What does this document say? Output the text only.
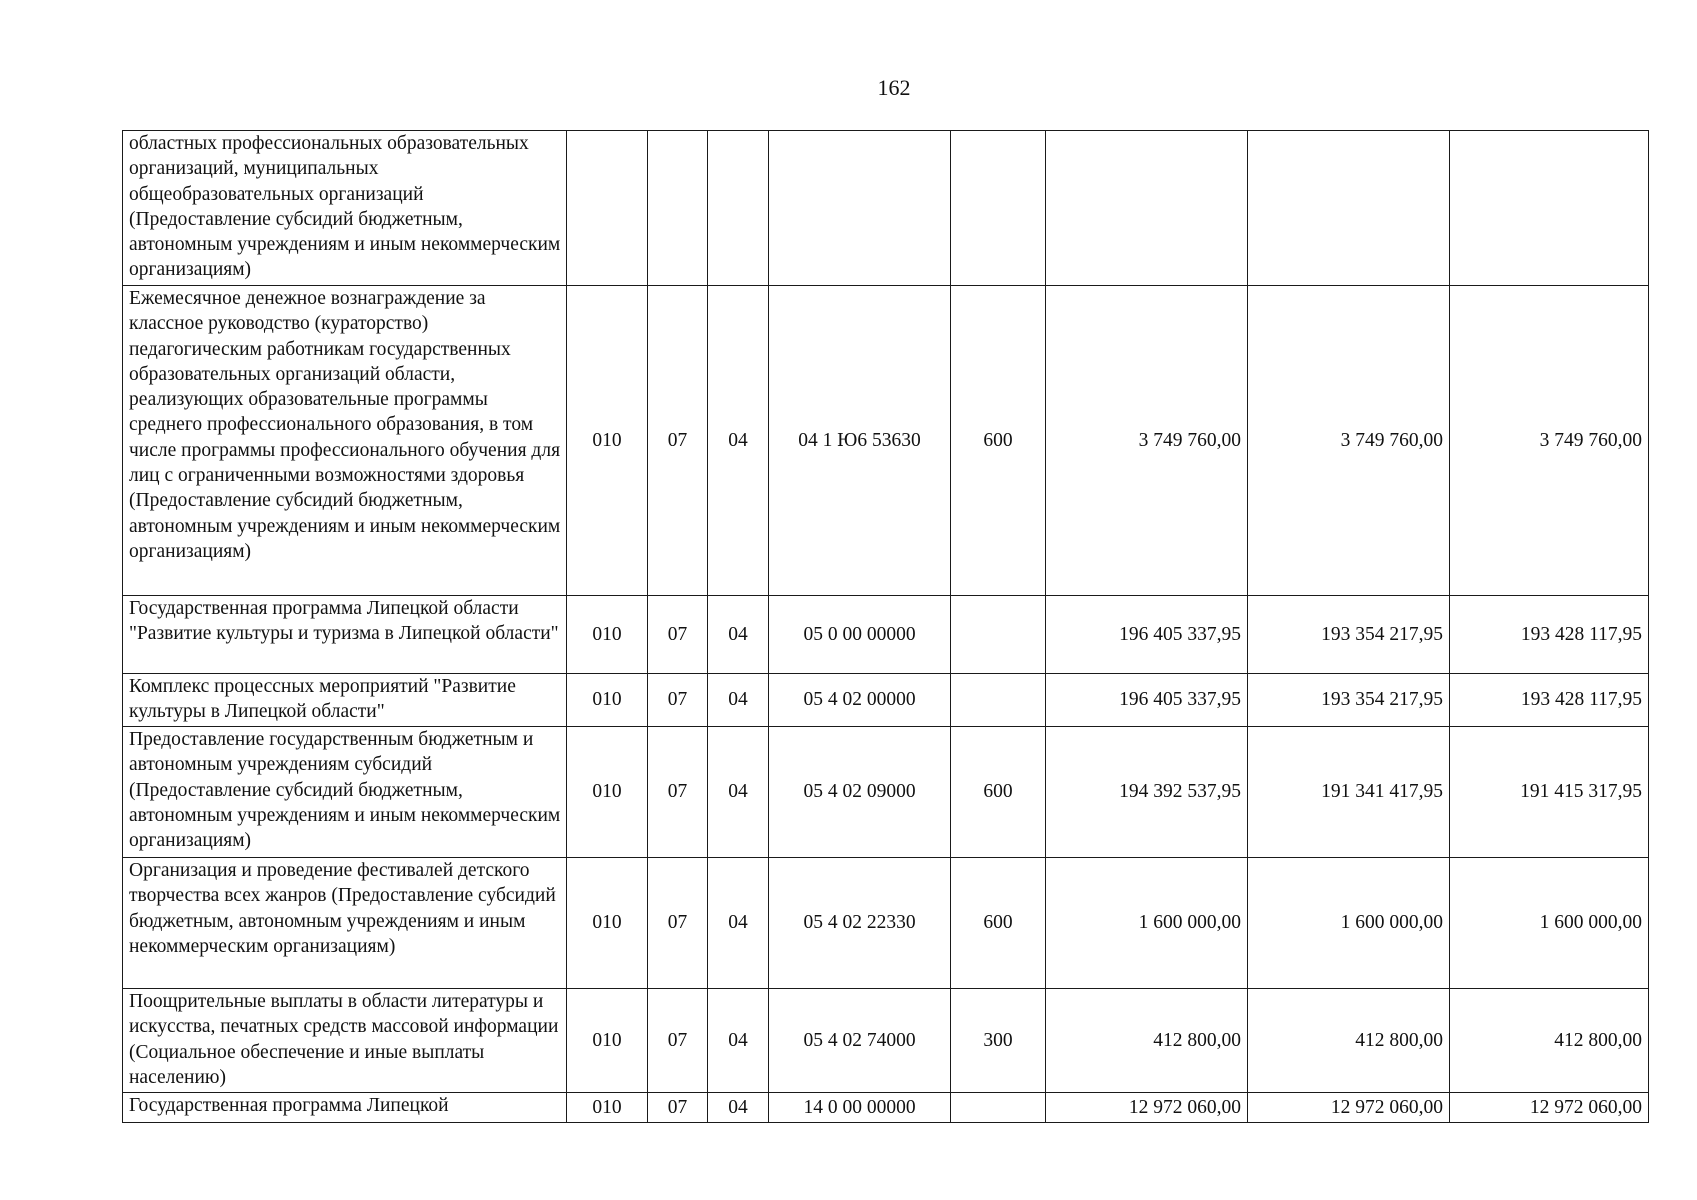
162
областных профессиональных образовательных организаций, муниципальных общеобразовательных организаций (Предоставление субсидий бюджетным, автономным учреждениям и иным некоммерческим организациям)								
Ежемесячное денежное вознаграждение за классное руководство (кураторство) педагогическим работникам государственных образовательных организаций области, реализующих образовательные программы среднего профессионального образования, в том числе программы профессионального обучения для лиц с ограниченными возможностями здоровья (Предоставление субсидий бюджетным, автономным учреждениям и иным некоммерческим организациям)	010	07	04	04 1 Ю6 53630	600	3 749 760,00	3 749 760,00	3 749 760,00
Государственная программа Липецкой области "Развитие культуры и туризма в Липецкой области"	010	07	04	05 0 00 00000		196 405 337,95	193 354 217,95	193 428 117,95
Комплекс процессных мероприятий "Развитие культуры в Липецкой области"	010	07	04	05 4 02 00000		196 405 337,95	193 354 217,95	193 428 117,95
Предоставление государственным бюджетным и автономным учреждениям субсидий (Предоставление субсидий бюджетным, автономным учреждениям и иным некоммерческим организациям)	010	07	04	05 4 02 09000	600	194 392 537,95	191 341 417,95	191 415 317,95
Организация и проведение фестивалей детского творчества всех жанров (Предоставление субсидий бюджетным, автономным учреждениям и иным некоммерческим организациям)	010	07	04	05 4 02 22330	600	1 600 000,00	1 600 000,00	1 600 000,00
Поощрительные выплаты в области литературы и искусства, печатных средств массовой информации (Социальное обеспечение и иные выплаты населению)	010	07	04	05 4 02 74000	300	412 800,00	412 800,00	412 800,00
Государственная программа Липецкой	010	07	04	14 0 00 00000		12 972 060,00	12 972 060,00	12 972 060,00
